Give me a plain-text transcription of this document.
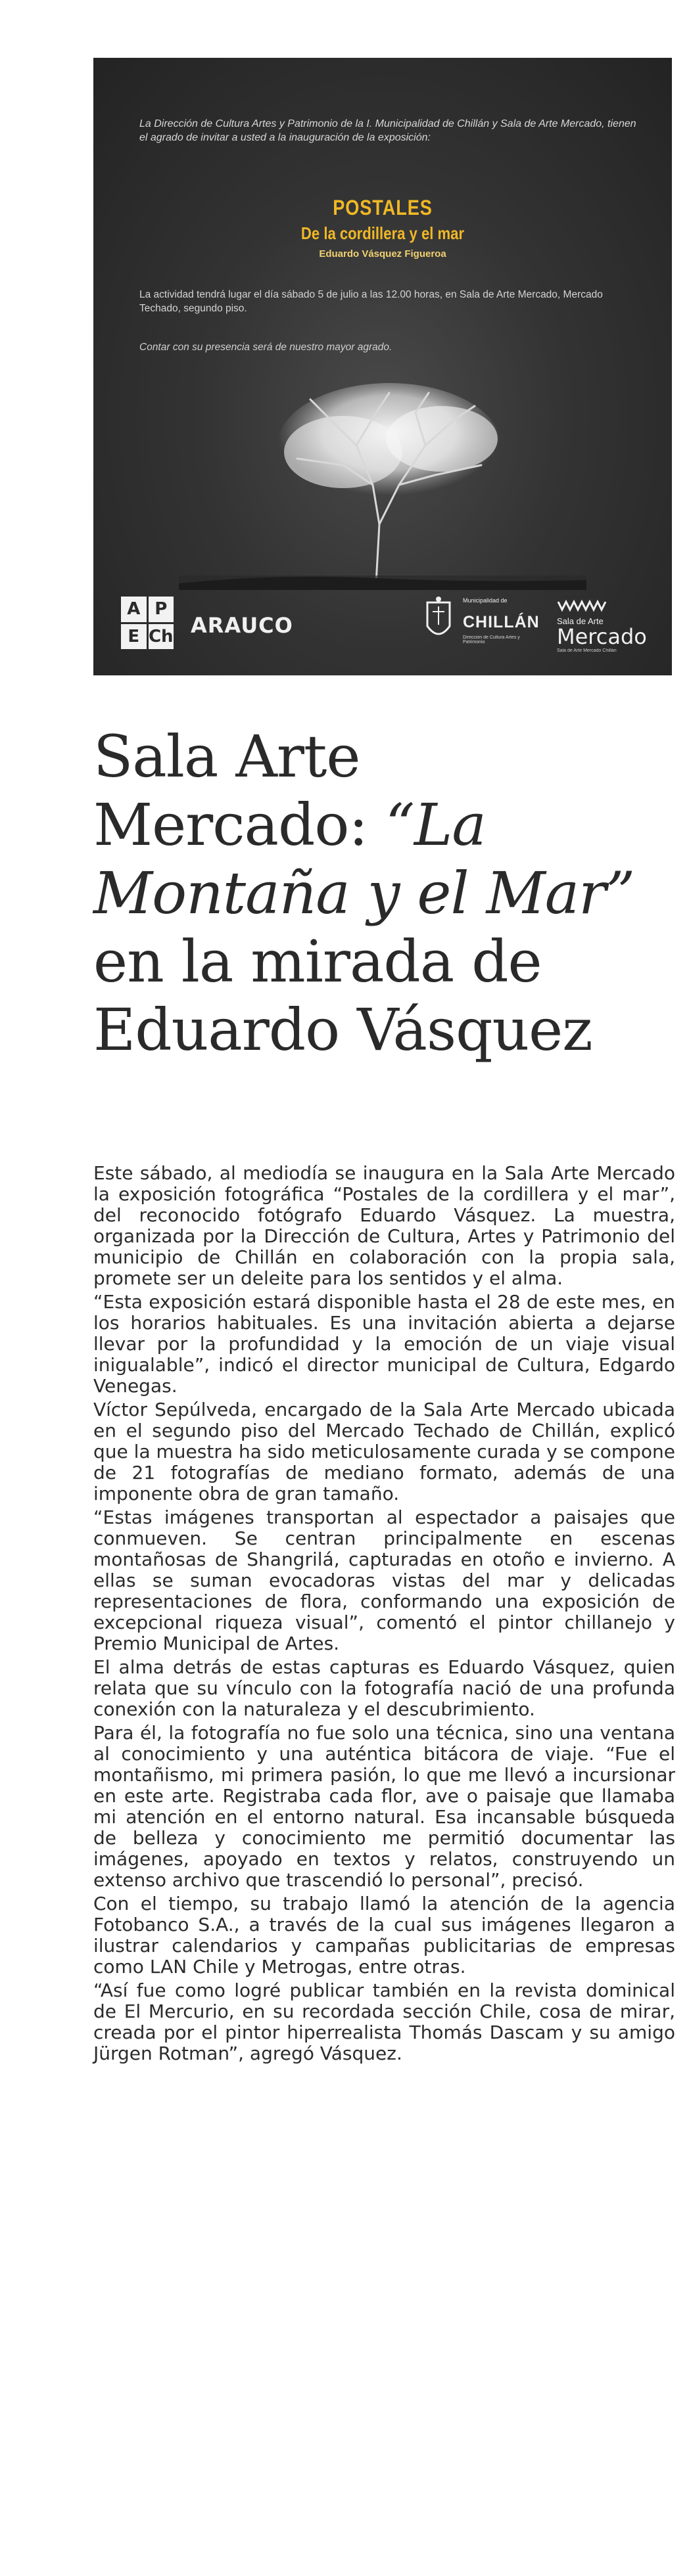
La Dirección de Cultura Artes y Patrimonio de la I. Municipalidad de Chillán y Sala de Arte Mercado, tienen el agrado de invitar a usted a la inauguración de la exposición:
POSTALES
De la cordillera y el mar
Eduardo Vásquez Figueroa
La actividad tendrá lugar el día sábado 5 de julio a las 12.00 horas, en Sala de Arte Mercado, Mercado Techado, segundo piso.
Contar con su presencia será de nuestro mayor agrado.
A P
E Ch ARAUCO
Municipalidad de
CHILLÁN
Dirección de Cultura Artes y Patrimonio
Sala de Arte
Mercado
Sala de Arte Mercado Chillán
Sala Arte
Mercado: “La
Montaña y el Mar”
en la mirada de
Eduardo Vásquez

Este sábado, al mediodía se inaugura en la Sala Arte Mercado la exposición fotográfica “Postales de la cordillera y el mar”, del reconocido fotógrafo Eduardo Vásquez. La muestra, organizada por la Dirección de Cultura, Artes y Patrimonio del municipio de Chillán en colaboración con la propia sala, promete ser un deleite para los sentidos y el alma.

“Esta exposición estará disponible hasta el 28 de este mes, en los horarios habituales. Es una invitación abierta a dejarse llevar por la profundidad y la emoción de un viaje visual inigualable”, indicó el director municipal de Cultura, Edgardo Venegas.

Víctor Sepúlveda, encargado de la Sala Arte Mercado ubicada en el segundo piso del Mercado Techado de Chillán, explicó que la muestra ha sido meticulosamente curada y se compone de 21 fotografías de mediano formato, además de una imponente obra de gran tamaño.

“Estas imágenes transportan al espectador a paisajes que conmueven. Se centran principalmente en escenas montañosas de Shangrilá, capturadas en otoño e invierno. A ellas se suman evocadoras vistas del mar y delicadas representaciones de flora, conformando una exposición de excepcional riqueza visual”, comentó el pintor chillanejo y Premio Municipal de Artes.

El alma detrás de estas capturas es Eduardo Vásquez, quien relata que su vínculo con la fotografía nació de una profunda conexión con la naturaleza y el descubrimiento.

Para él, la fotografía no fue solo una técnica, sino una ventana al conocimiento y una auténtica bitácora de viaje. “Fue el montañismo, mi primera pasión, lo que me llevó a incursionar en este arte. Registraba cada flor, ave o paisaje que llamaba mi atención en el entorno natural. Esa incansable búsqueda de belleza y conocimiento me permitió documentar las imágenes, apoyado en textos y relatos, construyendo un extenso archivo que trascendió lo personal”, precisó.

Con el tiempo, su trabajo llamó la atención de la agencia Fotobanco S.A., a través de la cual sus imágenes llegaron a ilustrar calendarios y campañas publicitarias de empresas como LAN Chile y Metrogas, entre otras.

“Así fue como logré publicar también en la revista dominical de El Mercurio, en su recordada sección Chile, cosa de mirar, creada por el pintor hiperrealista Thomás Dascam y su amigo Jürgen Rotman”, agregó Vásquez.
